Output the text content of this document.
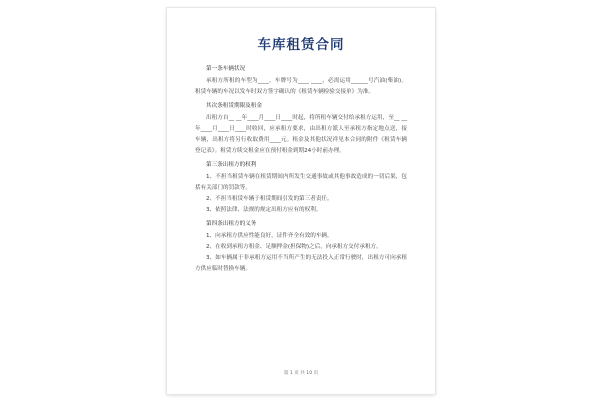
车库租赁合同
第一条车辆状况

承租方所租的车型为____，车牌号为____ ____，必需运用______号汽油(柴油)。租赁车辆的车况以发车时双方签字确认的《租赁车辆检验交接单》为准。

其次条租赁期限及租金

出租方自__ __年____月____日____时起，将所租车辆交付给承租方运用，至__ __年____月____日____时收回，应承租方要求，由出租方派人至承租方指定地点送，接车辆，出租方将另行收取费用____元。租金及其他状况祥见本合同的附件《租赁车辆登记表》。租赁方续交租金应在预付租金到期24小时前办理。

第三条出租方的权利

1、不担当租赁车辆在租赁期间内所发生交通事故或其他事故造成的一切后果，包括有关部门的罚款等。

2、不担当租赁车辆于租赁期间引发的第三者责任。

3、依照法律、法规的规定出租方应有的权利。

第四条出租方的义务

1、向承租方供应性能良好，证件齐全有效的车辆。

2、在收到承租方租金、足额押金(担保物)之后，向承租方交付承租方。

3、如车辆属于非承租方运用不当所产生的无法投入正常行驶时，出租方可向承租方供应临时替换车辆。

第 1 页 共 10 页
